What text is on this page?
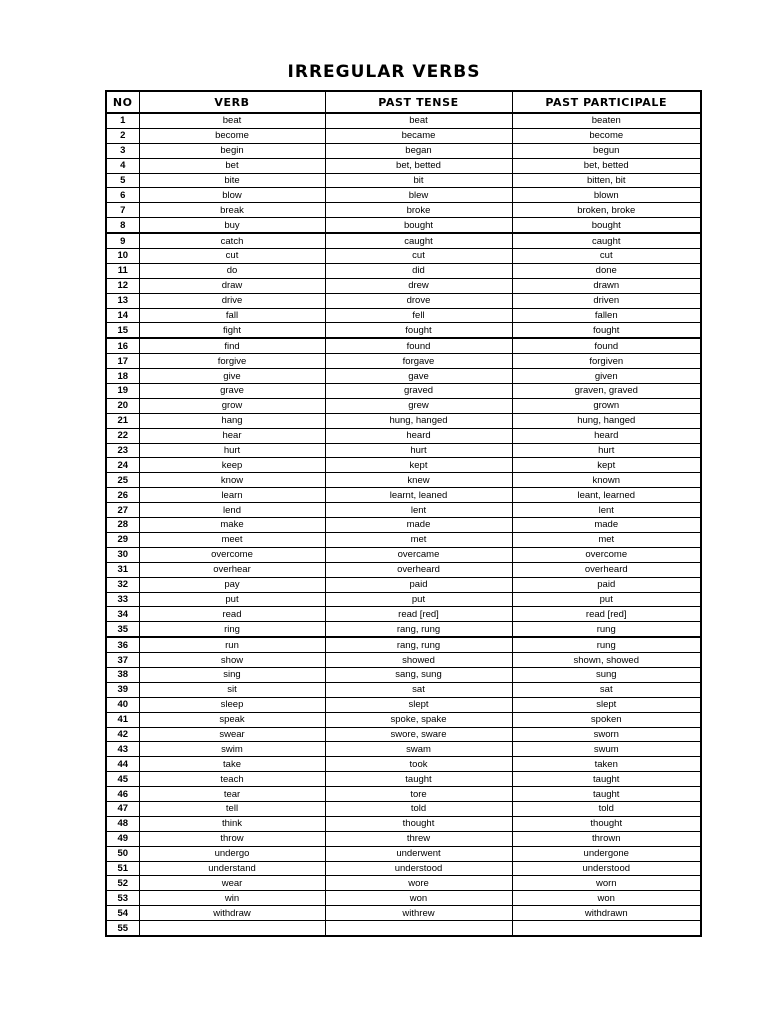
IRREGULAR VERBS
NO	VERB	PAST TENSE	PAST PARTICIPALE
1	beat	beat	beaten
2	become	became	become
3	begin	began	begun
4	bet	bet, betted	bet, betted
5	bite	bit	bitten, bit
6	blow	blew	blown
7	break	broke	broken, broke
8	buy	bought	bought
9	catch	caught	caught
10	cut	cut	cut
11	do	did	done
12	draw	drew	drawn
13	drive	drove	driven
14	fall	fell	fallen
15	fight	fought	fought
16	find	found	found
17	forgive	forgave	forgiven
18	give	gave	given
19	grave	graved	graven, graved
20	grow	grew	grown
21	hang	hung, hanged	hung, hanged
22	hear	heard	heard
23	hurt	hurt	hurt
24	keep	kept	kept
25	know	knew	known
26	learn	learnt, leaned	leant, learned
27	lend	lent	lent
28	make	made	made
29	meet	met	met
30	overcome	overcame	overcome
31	overhear	overheard	overheard
32	pay	paid	paid
33	put	put	put
34	read	read [red]	read [red]
35	ring	rang, rung	rung
36	run	rang, rung	rung
37	show	showed	shown, showed
38	sing	sang, sung	sung
39	sit	sat	sat
40	sleep	slept	slept
41	speak	spoke, spake	spoken
42	swear	swore, sware	sworn
43	swim	swam	swum
44	take	took	taken
45	teach	taught	taught
46	tear	tore	taught
47	tell	told	told
48	think	thought	thought
49	throw	threw	thrown
50	undergo	underwent	undergone
51	understand	understood	understood
52	wear	wore	worn
53	win	won	won
54	withdraw	withrew	withdrawn
55			
